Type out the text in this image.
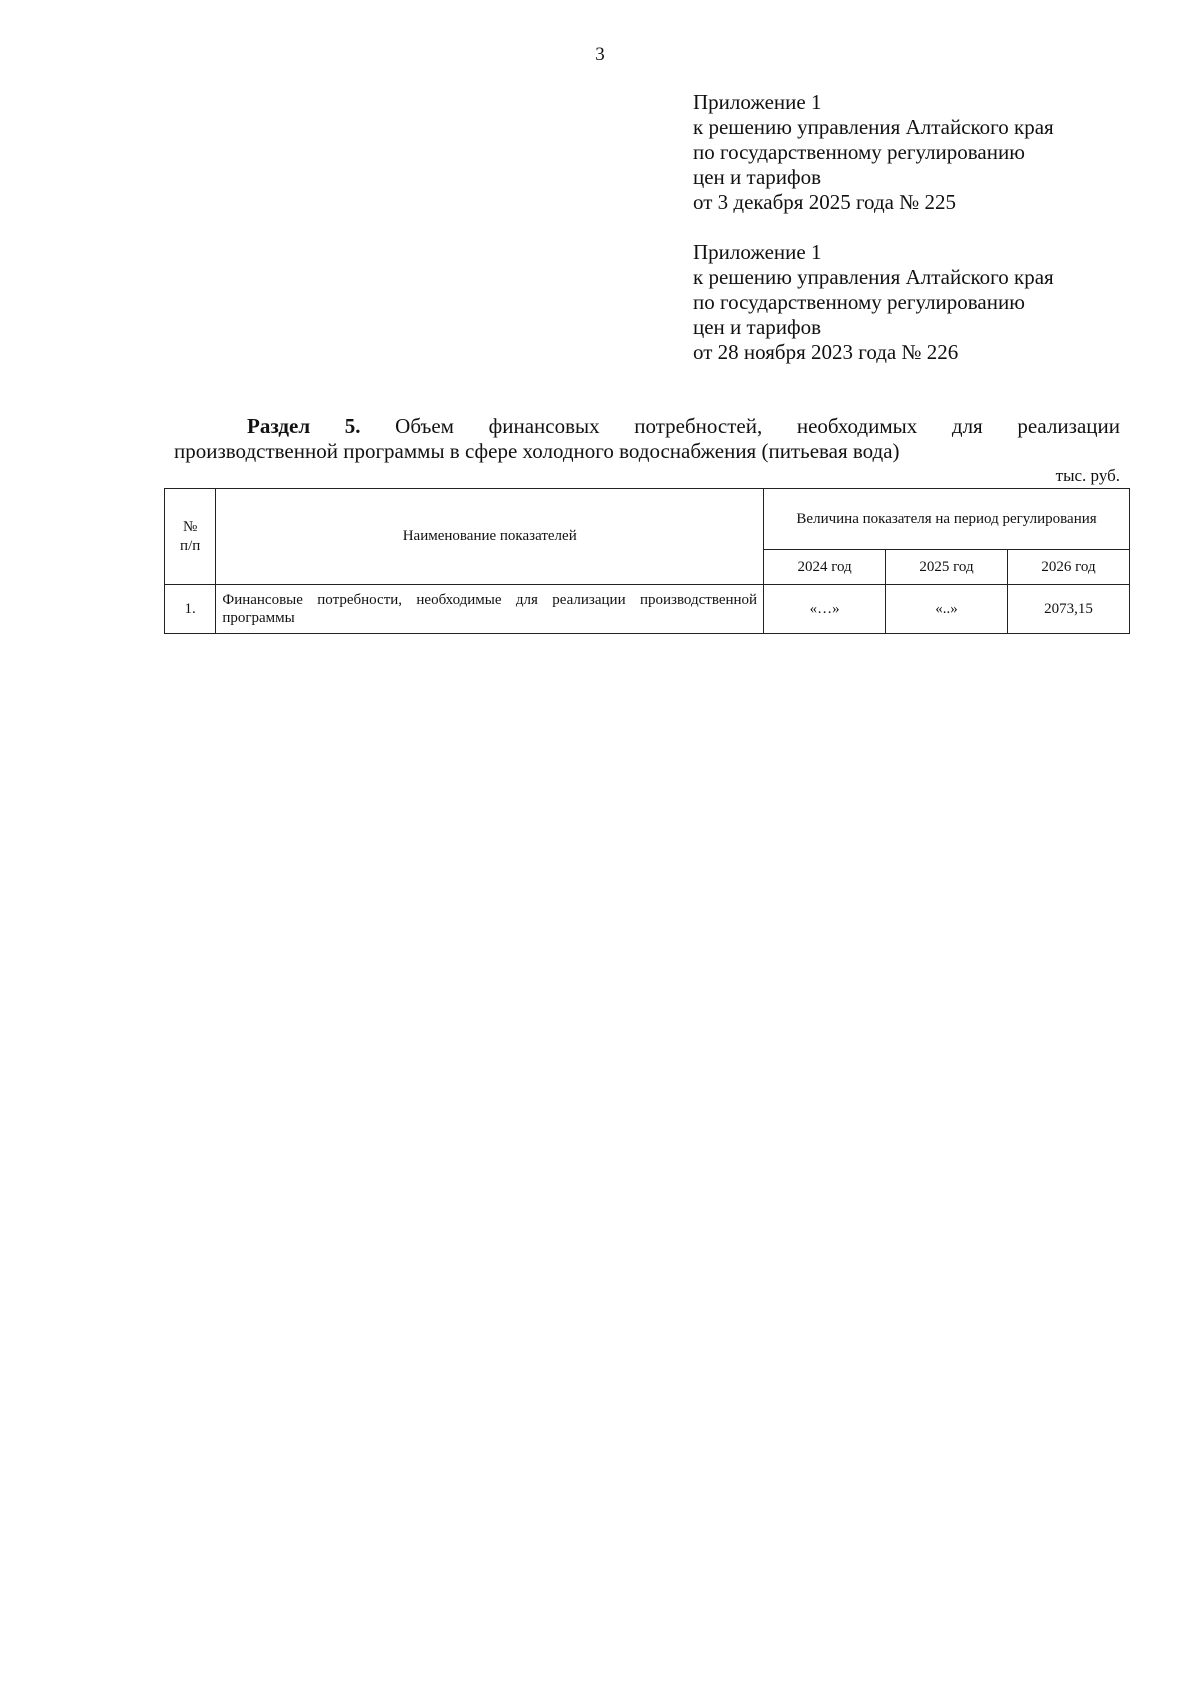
3
Приложение 1
к решению управления Алтайского края
по государственному регулированию
цен и тарифов
от 3 декабря 2025 года № 225
Приложение 1
к решению управления Алтайского края
по государственному регулированию
цен и тарифов
от 28 ноября 2023 года № 226
Раздел 5. Объем финансовых потребностей, необходимых для реализации
производственной программы в сфере холодного водоснабжения (питьевая вода)
тыс. руб.
№
п/п	Наименование показателей	Величина показателя на период регулирования		
		2024 год	2025 год	2026 год
1.	Финансовые потребности, необходимые для реализации производственной программы	«…»	«..»	2073,15
